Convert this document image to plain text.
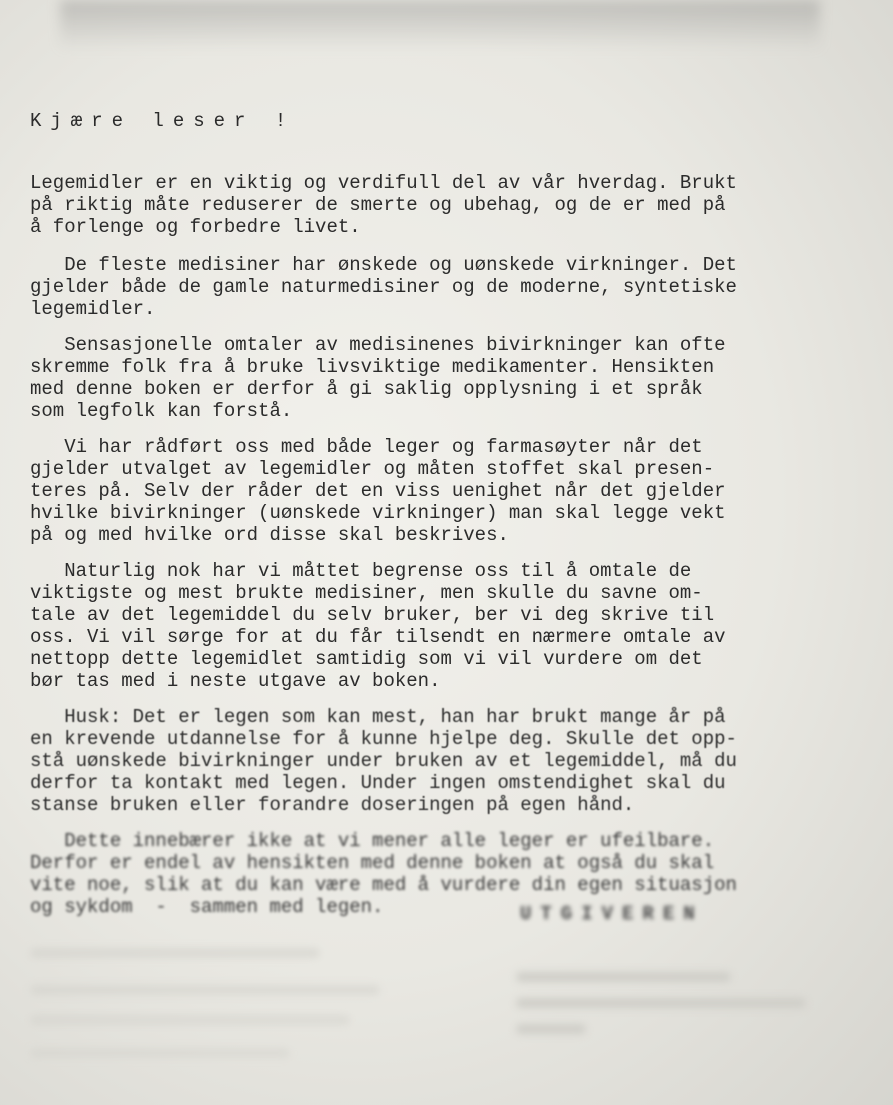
Kjære leser !
Legemidler er en viktig og verdifull del av vår hverdag. Brukt
på riktig måte reduserer de smerte og ubehag, og de er med på
å forlenge og forbedre livet.
De fleste medisiner har ønskede og uønskede virkninger. Det
gjelder både de gamle naturmedisiner og de moderne, syntetiske
legemidler.
Sensasjonelle omtaler av medisinenes bivirkninger kan ofte
skremme folk fra å bruke livsviktige medikamenter. Hensikten
med denne boken er derfor å gi saklig opplysning i et språk
som legfolk kan forstå.
Vi har rådført oss med både leger og farmasøyter når det
gjelder utvalget av legemidler og måten stoffet skal presen-
teres på. Selv der råder det en viss uenighet når det gjelder
hvilke bivirkninger (uønskede virkninger) man skal legge vekt
på og med hvilke ord disse skal beskrives.
Naturlig nok har vi måttet begrense oss til å omtale de
viktigste og mest brukte medisiner, men skulle du savne om-
tale av det legemiddel du selv bruker, ber vi deg skrive til
oss. Vi vil sørge for at du får tilsendt en nærmere omtale av
nettopp dette legemidlet samtidig som vi vil vurdere om det
bør tas med i neste utgave av boken.
Husk: Det er legen som kan mest, han har brukt mange år på
en krevende utdannelse for å kunne hjelpe deg. Skulle det opp-
stå uønskede bivirkninger under bruken av et legemiddel, må du
derfor ta kontakt med legen. Under ingen omstendighet skal du
stanse bruken eller forandre doseringen på egen hånd.
Dette innebærer ikke at vi mener alle leger er ufeilbare.
Derfor er endel av hensikten med denne boken at også du skal
vite noe, slik at du kan være med å vurdere din egen situasjon
og sykdom  -  sammen med legen.	UTGIVEREN
